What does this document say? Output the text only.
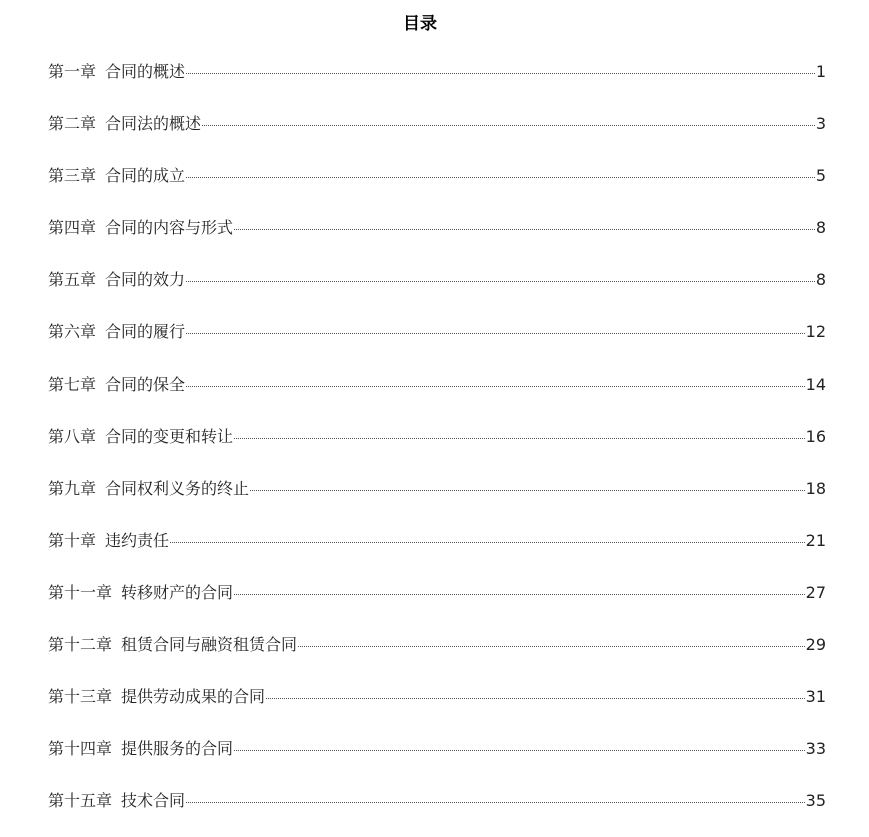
目录
第一章 合同的概述	1
第二章 合同法的概述	3
第三章 合同的成立	5
第四章 合同的内容与形式	8
第五章 合同的效力	8
第六章 合同的履行	12
第七章 合同的保全	14
第八章 合同的变更和转让	16
第九章 合同权利义务的终止	18
第十章 违约责任	21
第十一章 转移财产的合同	27
第十二章 租赁合同与融资租赁合同	29
第十三章 提供劳动成果的合同	31
第十四章 提供服务的合同	33
第十五章 技术合同	35
